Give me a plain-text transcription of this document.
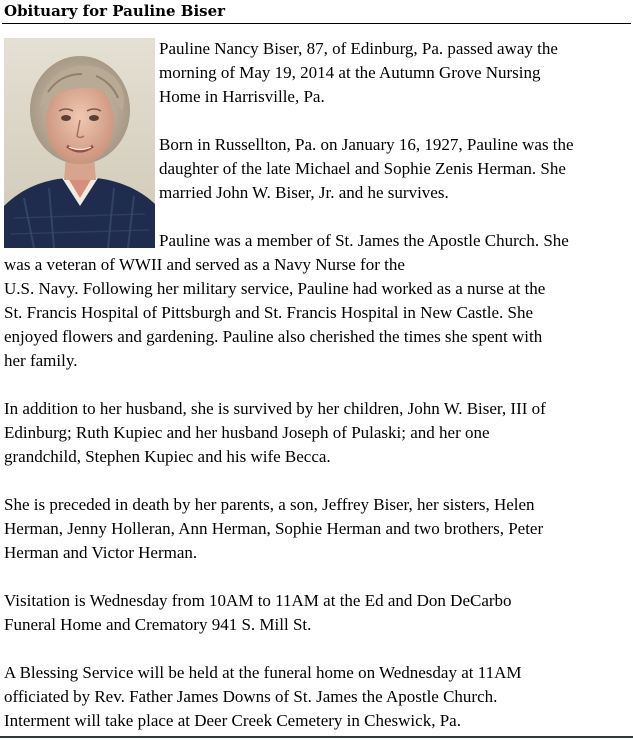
Obituary for Pauline Biser

Pauline Nancy Biser, 87, of Edinburg, Pa. passed away the
morning of May 19, 2014 at the Autumn Grove Nursing
Home in Harrisville, Pa.

Born in Russellton, Pa. on January 16, 1927, Pauline was the
daughter of the late Michael and Sophie Zenis Herman. She
married John W. Biser, Jr. and he survives.

Pauline was a member of St. James the Apostle Church. She
was a veteran of WWII and served as a Navy Nurse for the
U.S. Navy. Following her military service, Pauline had worked as a nurse at the
St. Francis Hospital of Pittsburgh and St. Francis Hospital in New Castle. She
enjoyed flowers and gardening. Pauline also cherished the times she spent with
her family.

In addition to her husband, she is survived by her children, John W. Biser, III of
Edinburg; Ruth Kupiec and her husband Joseph of Pulaski; and her one
grandchild, Stephen Kupiec and his wife Becca.

She is preceded in death by her parents, a son, Jeffrey Biser, her sisters, Helen
Herman, Jenny Holleran, Ann Herman, Sophie Herman and two brothers, Peter
Herman and Victor Herman.

Visitation is Wednesday from 10AM to 11AM at the Ed and Don DeCarbo
Funeral Home and Crematory 941 S. Mill St.

A Blessing Service will be held at the funeral home on Wednesday at 11AM
officiated by Rev. Father James Downs of St. James the Apostle Church.
Interment will take place at Deer Creek Cemetery in Cheswick, Pa.
